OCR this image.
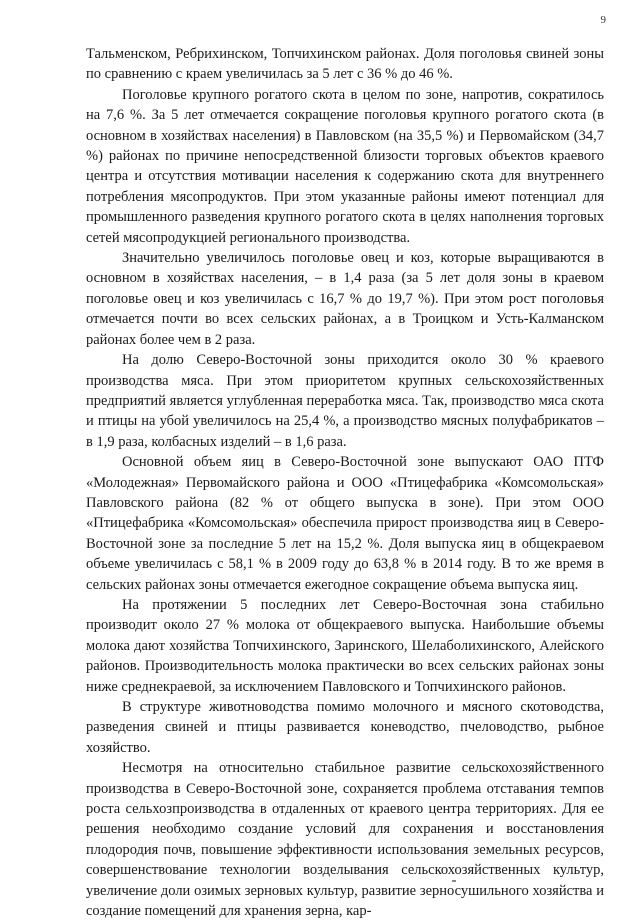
9

Тальменском, Ребрихинском, Топчихинском районах. Доля поголовья свиней зоны по сравнению с краем увеличилась за 5 лет с 36 % до 46 %.

Поголовье крупного рогатого скота в целом по зоне, напротив, сократилось на 7,6 %. За 5 лет отмечается сокращение поголовья крупного рогатого скота (в основном в хозяйствах населения) в Павловском (на 35,5 %) и Первомайском (34,7 %) районах по причине непосредственной близости торговых объектов краевого центра и отсутствия мотивации населения к содержанию скота для внутреннего потребления мясопродуктов. При этом указанные районы имеют потенциал для промышленного разведения крупного рогатого скота в целях наполнения торговых сетей мясопродукцией регионального производства.

Значительно увеличилось поголовье овец и коз, которые выращиваются в основном в хозяйствах населения, – в 1,4 раза (за 5 лет доля зоны в краевом поголовье овец и коз увеличилась с 16,7 % до 19,7 %). При этом рост поголовья отмечается почти во всех сельских районах, а в Троицком и Усть-Калманском районах более чем в 2 раза.

На долю Северо-Восточной зоны приходится около 30 % краевого производства мяса. При этом приоритетом крупных сельскохозяйственных предприятий является углубленная переработка мяса. Так, производство мяса скота и птицы на убой увеличилось на 25,4 %, а производство мясных полуфабрикатов – в 1,9 раза, колбасных изделий – в 1,6 раза.

Основной объем яиц в Северо-Восточной зоне выпускают ОАО ПТФ «Молодежная» Первомайского района и ООО «Птицефабрика «Комсомольская» Павловского района (82 % от общего выпуска в зоне). При этом ООО «Птицефабрика «Комсомольская» обеспечила прирост производства яиц в Северо-Восточной зоне за последние 5 лет на 15,2 %. Доля выпуска яиц в общекраевом объеме увеличилась с 58,1 % в 2009 году до 63,8 % в 2014 году. В то же время в сельских районах зоны отмечается ежегодное сокращение объема выпуска яиц.

На протяжении 5 последних лет Северо-Восточная зона стабильно производит около 27 % молока от общекраевого выпуска. Наибольшие объемы молока дают хозяйства Топчихинского, Заринского, Шелаболихинского, Алейского районов. Производительность молока практически во всех сельских районах зоны ниже среднекраевой, за исключением Павловского и Топчихинского районов.

В структуре животноводства помимо молочного и мясного скотоводства, разведения свиней и птицы развивается коневодство, пчеловодство, рыбное хозяйство.

Несмотря на относительно стабильное развитие сельскохозяйственного производства в Северо-Восточной зоне, сохраняется проблема отставания темпов роста сельхозпроизводства в отдаленных от краевого центра территориях. Для ее решения необходимо создание условий для сохранения и восстановления плодородия почв, повышение эффективности использования земельных ресурсов, совершенствование технологии возделывания сельскохозяйственных культур, увеличение доли озимых зерновых культур, развитие зерносушильного хозяйства и создание помещений для хранения зерна, кар-
